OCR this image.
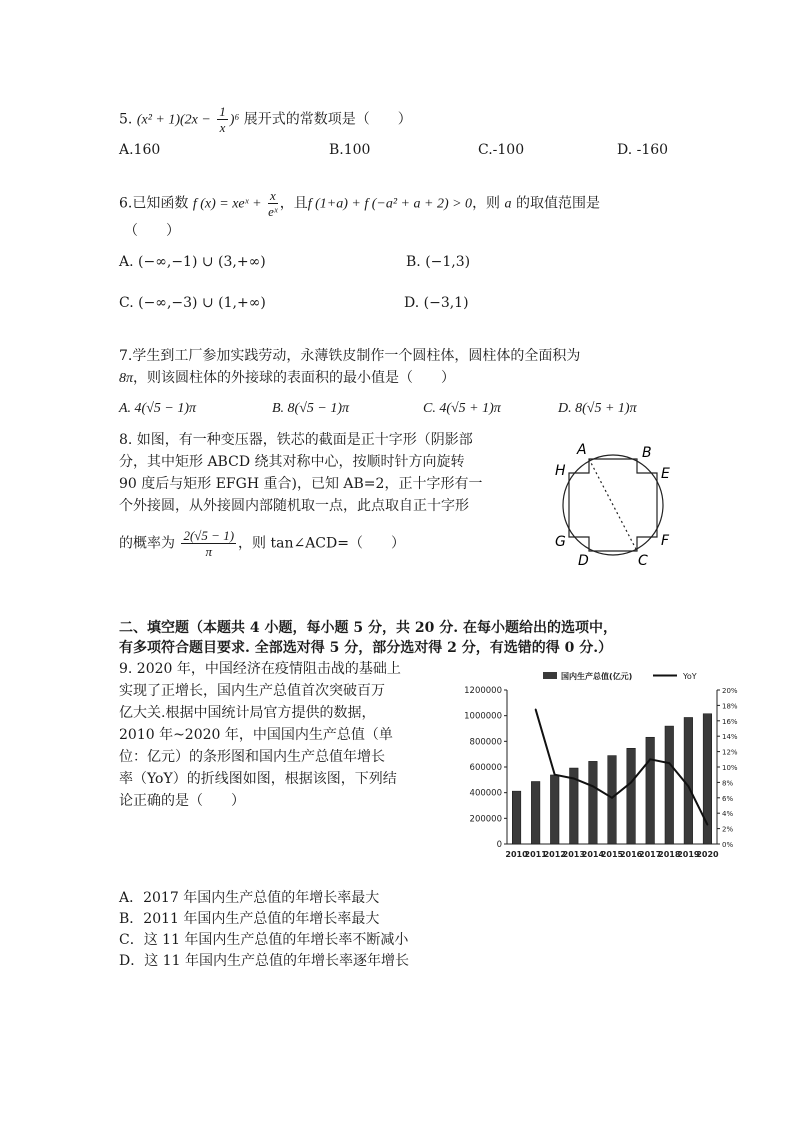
5. $(x^2 + 1)(2x - \frac{1}{x} )^6$ 展开式的常数项是（　　）
A.160	B.100	C.-100	D. -160
6.已知函数 f (x) = xeˣ + $\frac{x}{\text{eˣ}}$ ，且f (1+a) + f (−a² + a + 2) > 0，则 a 的取值范围是
（　　）
A. (−∞,−1) ∪ (3,+∞)	B. (−1,3)
C. (−∞,−3) ∪ (1,+∞)	D. (−3,1)
7.学生到工厂参加实践劳动，永薄铁皮制作一个圆柱体，圆柱体的全面积为
8π，则该圆柱体的外接球的表面积的最小值是（　　）
A. 4(√5 − 1)π	B. 8(√5 − 1)π	C. 4(√5 + 1)π	D. 8(√5 + 1)π
8. 如图，有一种变压器，铁芯的截面是正十字形（阴影部
分，其中矩形 ABCD 绕其对称中心，按顺时针方向旋转
90 度后与矩形 EFGH 重合)，已知 AB=2，正十字形有一
个外接圆，从外接圆内部随机取一点，此点取自正十字形
的概率为 $\frac{2(√5 - 1)}{\pi}$ ，则 tan∠ACD=（　　）
A	B
H	E
G	F
D	C
二、填空题（本题共 4 小题，每小题 5 分，共 20 分. 在每小题给出的选项中，
有多项符合题目要求. 全部选对得 5 分，部分选对得 2 分，有选错的得 0 分.）
9. 2020 年，中国经济在疫情阻击战的基础上
实现了正增长，国内生产总值首次突破百万
亿大关.根据中国统计局官方提供的数据，
2010 年~2020 年，中国国内生产总值（单
位：亿元）的条形图和国内生产总值年增长
率（YoY）的折线图如图，根据该图，下列结
论正确的是（　　）
0
200000
400000
600000
800000
1000000
1200000
0%
2%
4%
6%
8%
10%
12%
14%
16%
18%
20%
2010
2011
2012
2013
2014
2015
2016
2017
2018
2019
2020
国内生产总值(亿元)	YoY
A．2017 年国内生产总值的年增长率最大
B．2011 年国内生产总值的年增长率最大
C．这 11 年国内生产总值的年增长率不断减小
D．这 11 年国内生产总值的年增长率逐年增长
